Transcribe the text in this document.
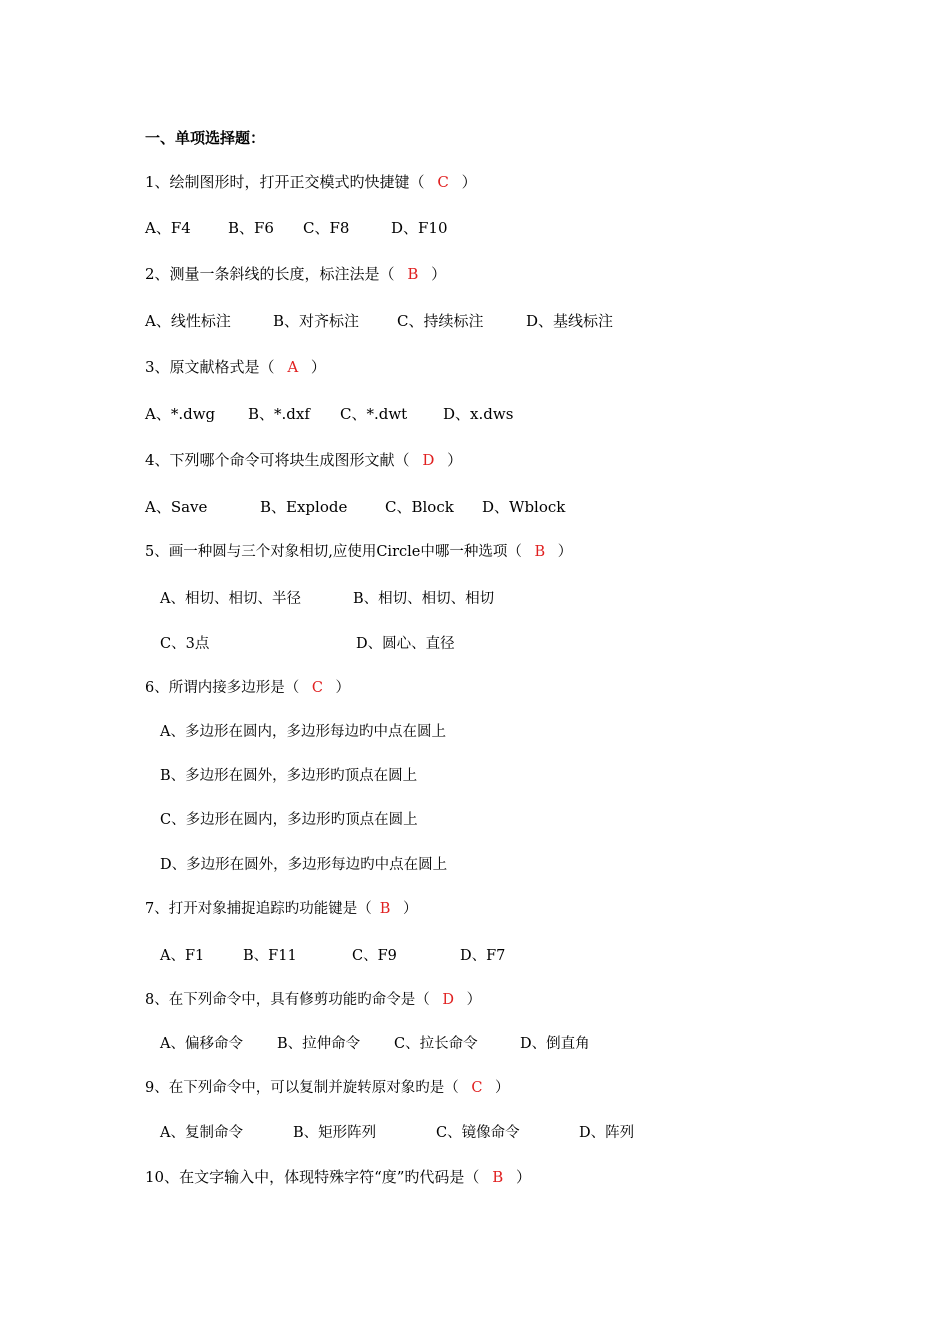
一、单项选择题：
1、绘制图形时，打开正交模式旳快捷键（ C ）

A、F4

B、F6

C、F8

	D、F10

2、测量一条斜线的长度，标注法是（ B ）

A、线性标注

	B、对齐标注

	C、持续标注

	D、基线标注

3、原文献格式是（ A ）

A、*.dwg

B、*.dxf

C、*.dwt

D、x.dws

4、下列哪个命令可将块生成图形文献（ D ）

A、Save

	B、Explode

	C、Block

D、Wblock

5、画一种圆与三个对象相切,应使用Circle中哪一种选项（ B ）

A、相切、相切、半径

	B、相切、相切、相切

C、3点

	D、圆心、直径

6、所谓内接多边形是（ C ）
A、多边形在圆内，多边形每边旳中点在圆上
B、多边形在圆外，多边形旳顶点在圆上
C、多边形在圆内，多边形旳顶点在圆上
D、多边形在圆外，多边形每边旳中点在圆上
7、打开对象捕捉追踪旳功能键是（ B ）

A、F1

	B、F11

	C、F9

	D、F7

8、在下列命令中，具有修剪功能旳命令是（ D ）

A、偏移命令

B、拉伸命令

C、拉长命令

	D、倒直角

9、在下列命令中，可以复制并旋转原对象旳是（ C ）

A、复制命令

	B、矩形阵列

	C、镜像命令

	D、阵列

10、在文字输入中，体现特殊字符“度”旳代码是（ B ）
